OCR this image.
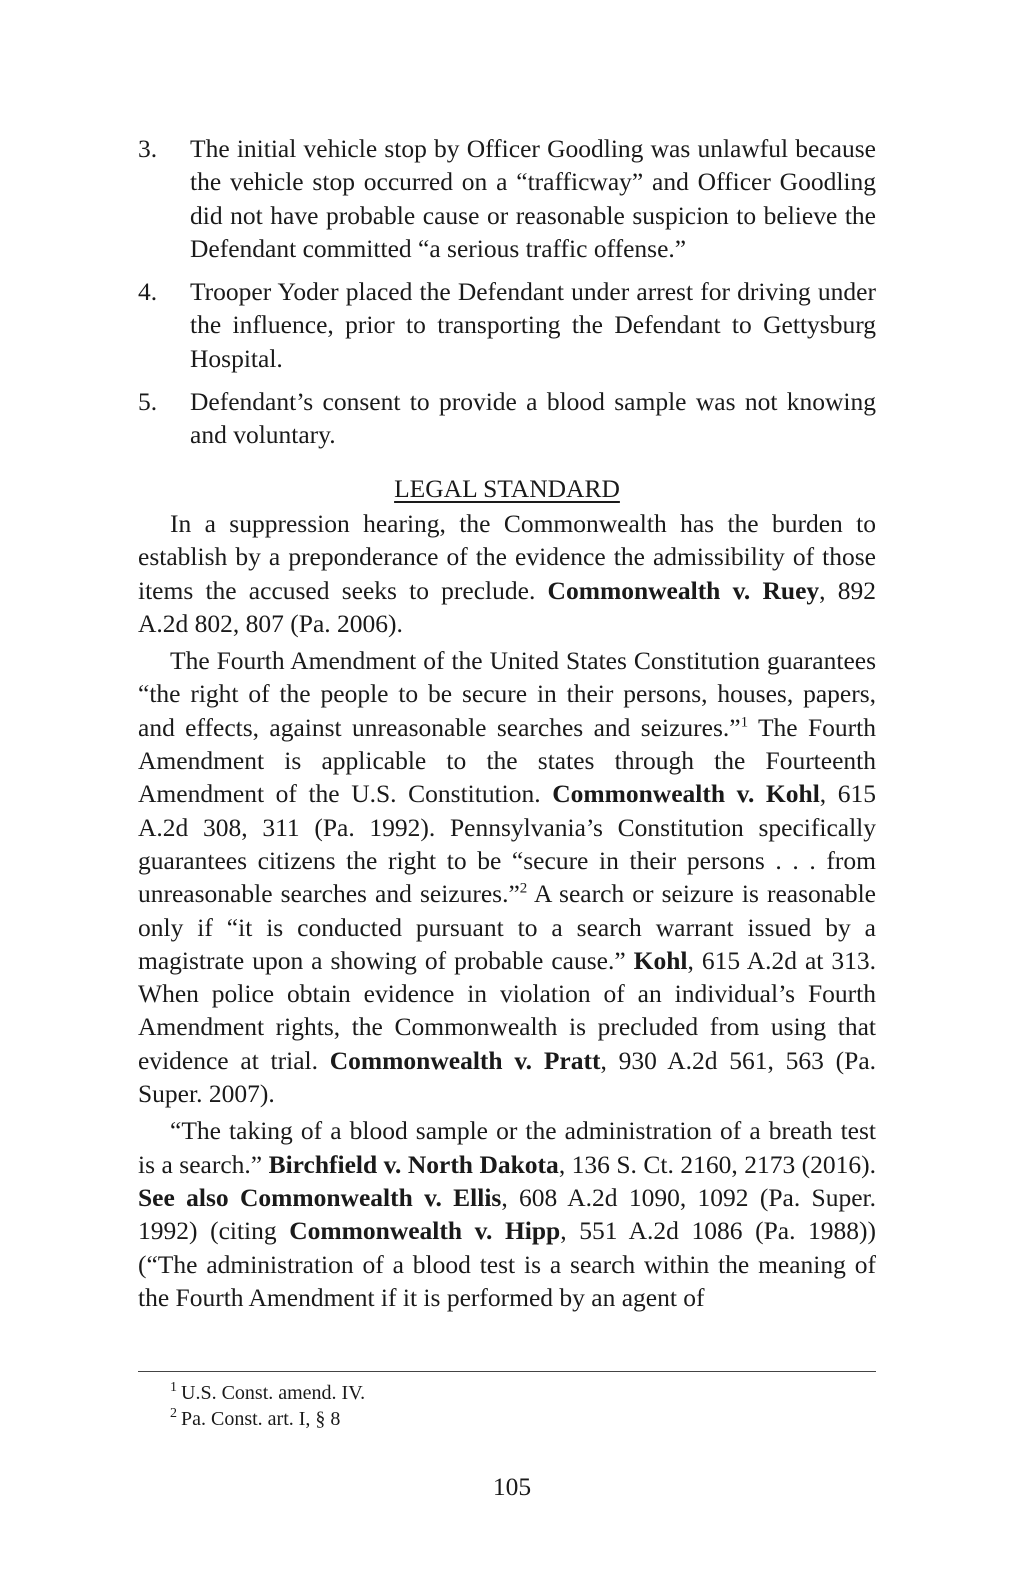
3.	The initial vehicle stop by Officer Goodling was unlawful because the vehicle stop occurred on a “trafficway” and Officer Goodling did not have probable cause or reasonable suspicion to believe the Defendant committed “a serious traffic offense.”
4.	Trooper Yoder placed the Defendant under arrest for driving under the influence, prior to transporting the Defendant to Gettysburg Hospital.
5.	Defendant’s consent to provide a blood sample was not knowing and voluntary.
LEGAL STANDARD

In a suppression hearing, the Commonwealth has the burden to establish by a preponderance of the evidence the admissibility of those items the accused seeks to preclude. Commonwealth v. Ruey, 892 A.2d 802, 807 (Pa. 2006).

The Fourth Amendment of the United States Constitution guarantees “the right of the people to be secure in their persons, houses, papers, and effects, against unreasonable searches and seizures.”$^1$ The Fourth Amendment is applicable to the states through the Fourteenth Amendment of the U.S. Constitution. Commonwealth v. Kohl, 615 A.2d 308, 311 (Pa. 1992). Pennsylvania’s Constitution specifically guarantees citizens the right to be “secure in their persons . . . from unreasonable searches and seizures.”$^2$ A search or seizure is reasonable only if “it is conducted pursuant to a search warrant issued by a magistrate upon a showing of probable cause.” Kohl, 615 A.2d at 313. When police obtain evidence in violation of an individual’s Fourth Amendment rights, the Commonwealth is precluded from using that evidence at trial. Commonwealth v. Pratt, 930 A.2d 561, 563 (Pa. Super. 2007).

“The taking of a blood sample or the administration of a breath test is a search.” Birchfield v. North Dakota, 136 S. Ct. 2160, 2173 (2016). See also Commonwealth v. Ellis, 608 A.2d 1090, 1092 (Pa. Super. 1992) (citing Commonwealth v. Hipp, 551 A.2d 1086 (Pa. 1988)) (“The administration of a blood test is a search within the meaning of the Fourth Amendment if it is performed by an agent of

$^1$ U.S. Const. amend. IV.
$^2$ Pa. Const. art. I, § 8
105
